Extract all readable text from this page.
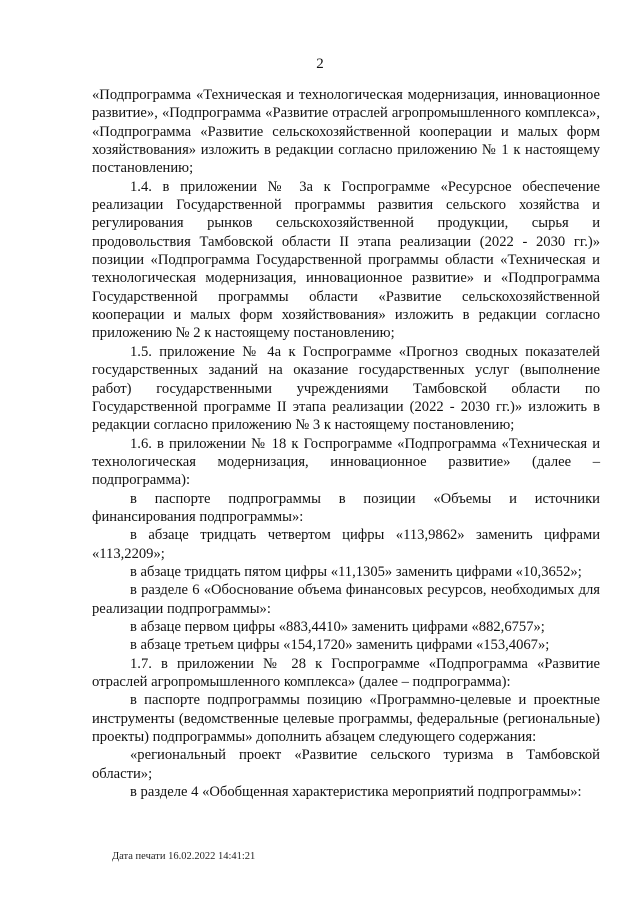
2

«Подпрограмма «Техническая и технологическая модернизация, инновационное развитие», «Подпрограмма «Развитие отраслей агропромышленного комплекса», «Подпрограмма «Развитие сельскохозяйственной кооперации и малых форм хозяйствования» изложить в редакции согласно приложению № 1 к настоящему постановлению;

1.4. в приложении № 3а к Госпрограмме «Ресурсное обеспечение реализации Государственной программы развития сельского хозяйства и регулирования рынков сельскохозяйственной продукции, сырья и продовольствия Тамбовской области II этапа реализации (2022 - 2030 гг.)» позиции «Подпрограмма Государственной программы области «Техническая и технологическая модернизация, инновационное развитие» и «Подпрограмма Государственной программы области «Развитие сельскохозяйственной кооперации и малых форм хозяйствования» изложить в редакции согласно приложению № 2 к настоящему постановлению;

1.5. приложение № 4а к Госпрограмме «Прогноз сводных показателей государственных заданий на оказание государственных услуг (выполнение работ) государственными учреждениями Тамбовской области по Государственной программе II этапа реализации (2022 - 2030 гг.)» изложить в редакции согласно приложению № 3 к настоящему постановлению;

1.6. в приложении № 18 к Госпрограмме «Подпрограмма «Техническая и технологическая модернизация, инновационное развитие» (далее – подпрограмма):

в паспорте подпрограммы в позиции «Объемы и источники финансирования подпрограммы»:

в абзаце тридцать четвертом цифры «113,9862» заменить цифрами «113,2209»;

в абзаце тридцать пятом цифры «11,1305» заменить цифрами «10,3652»;

в разделе 6 «Обоснование объема финансовых ресурсов, необходимых для реализации подпрограммы»:

в абзаце первом цифры «883,4410» заменить цифрами «882,6757»;

в абзаце третьем цифры «154,1720» заменить цифрами «153,4067»;

1.7. в приложении № 28 к Госпрограмме «Подпрограмма «Развитие отраслей агропромышленного комплекса» (далее – подпрограмма):

в паспорте подпрограммы позицию «Программно-целевые и проектные инструменты (ведомственные целевые программы, федеральные (региональные) проекты) подпрограммы» дополнить абзацем следующего содержания:

«региональный проект «Развитие сельского туризма в Тамбовской области»;

в разделе 4 «Обобщенная характеристика мероприятий подпрограммы»:

Дата печати 16.02.2022 14:41:21
